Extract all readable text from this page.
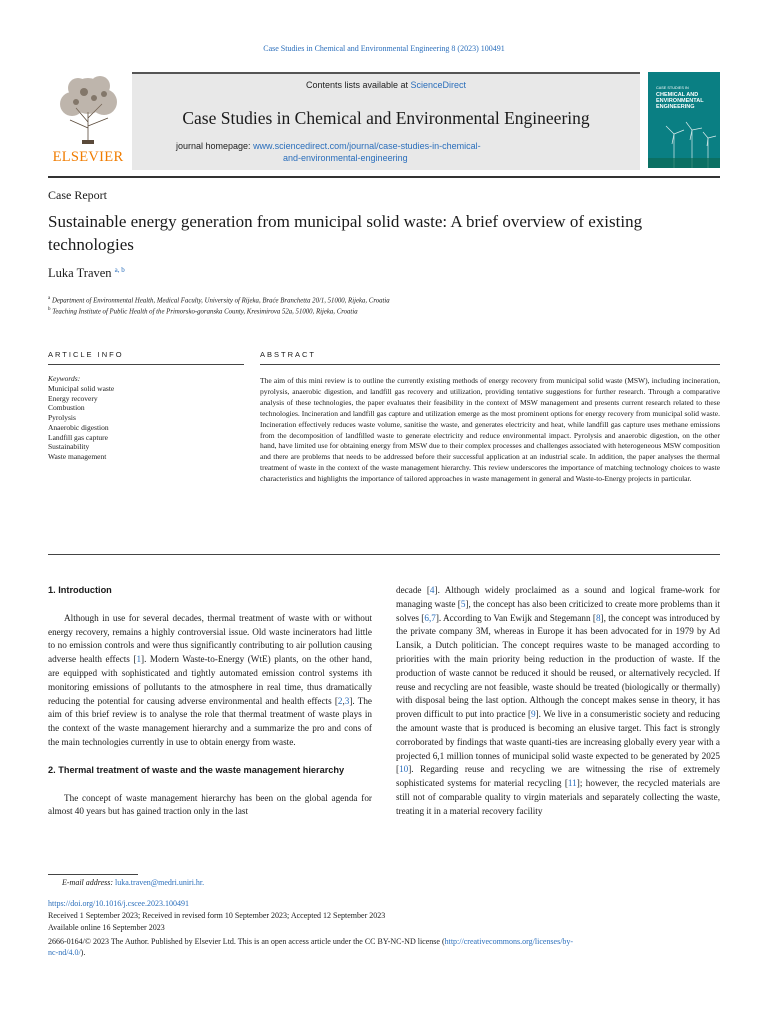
Case Studies in Chemical and Environmental Engineering 8 (2023) 100491
ELSEVIER
Contents lists available at ScienceDirect
Case Studies in Chemical and Environmental Engineering
journal homepage: www.sciencedirect.com/journal/case-studies-in-chemical-
and-environmental-engineering
CASE STUDIES IN
CHEMICAL AND ENVIRONMENTAL ENGINEERING
Case Report
Sustainable energy generation from municipal solid waste: A brief overview of existing technologies
Luka Traven $^{a, b}$
$^a$ Department of Environmental Health, Medical Faculty, University of Rijeka, Braće Branchetta 20/1, 51000, Rijeka, Croatia
$^b$ Teaching Institute of Public Health of the Primorsko-goranska County, Kresimirova 52a, 51000, Rijeka, Croatia
ARTICLE INFO
Keywords:
Municipal solid waste
Energy recovery
Combustion
Pyrolysis
Anaerobic digestion
Landfill gas capture
Sustainability
Waste management
ABSTRACT
The aim of this mini review is to outline the currently existing methods of energy recovery from municipal solid waste (MSW), including incineration, pyrolysis, anaerobic digestion, and landfill gas recovery and utilization, providing tentative suggestions for further research. Through a comparative analysis of these technologies, the paper evaluates their feasibility in the context of MSW management and presents current research related to these technologies. Incineration and landfill gas capture and utilization emerge as the most prominent options for energy recovery from municipal solid waste. Incineration effectively reduces waste volume, sanitise the waste, and generates electricity and heat, while landfill gas capture uses methane emissions from the decomposition of landfilled waste to generate electricity and reduce environmental impact. Pyrolysis and anaerobic digestion, on the other hand, have limited use for obtaining energy from MSW due to their complex processes and challenges associated with heterogeneous MSW composition and there are problems that needs to be addressed before their successful application at an industrial scale. In addition, the paper analyses the thermal treatment of waste in the context of the waste management hierarchy. This review underscores the importance of matching technology choices to waste characteristics and highlights the importance of tailored approaches in waste management in general and Waste-to-Energy projects in particular.

1. Introduction

Although in use for several decades, thermal treatment of waste with or without energy recovery, remains a highly controversial issue. Old waste incinerators had little to no emission controls and were thus significantly contributing to air pollution causing adverse health effects [1]. Modern Waste-to-Energy (WtE) plants, on the other hand, are equipped with sophisticated and tightly automated emission control systems ith monitoring emissions of pollutants to the atmosphere in real time, thus dramatically reducing the potential for causing adverse environmental and health effects [2,3]. The aim of this brief review is to analyse the role that thermal treatment of waste plays in the context of the waste management hierarchy and a summarize the pro and cons of the main technologies currently in use to obtain energy from waste.

2. Thermal treatment of waste and the waste management hierarchy

The concept of waste management hierarchy has been on the global agenda for almost 40 years but has gained traction only in the last

decade [4]. Although widely proclaimed as a sound and logical frame-work for managing waste [5], the concept has also been criticized to create more problems than it solves [6,7]. According to Van Ewijk and Stegemann [8], the concept was introduced by the private company 3M, whereas in Europe it has been advocated for in 1979 by Ad Lansik, a Dutch politician. The concept requires waste to be managed according to priorities with the main priority being reduction in the production of waste. If the production of waste cannot be reduced it should be reused, or alternatively recycled. If reuse and recycling are not feasible, waste should be treated (biologically or thermally) with disposal being the last option. Although the concept makes sense in theory, it has proven difficult to put into practice [9]. We live in a consumeristic society and reducing the amount waste that is produced is becoming an elusive target. This fact is strongly corroborated by findings that waste quanti-ties are increasing globally every year with a projected 6,1 million tonnes of municipal solid waste expected to be generated by 2025 [10]. Regarding reuse and recycling we are witnessing the rise of extremely sophisticated systems for material recycling [11]; however, the recycled materials are still not of comparable quality to virgin materials and separately collecting the waste, treating it in a material recovery facility

E-mail address: luka.traven@medri.uniri.hr.
https://doi.org/10.1016/j.cscee.2023.100491
Received 1 September 2023; Received in revised form 10 September 2023; Accepted 12 September 2023
Available online 16 September 2023
2666-0164/© 2023 The Author. Published by Elsevier Ltd. This is an open access article under the CC BY-NC-ND license (http://creativecommons.org/licenses/by-
nc-nd/4.0/).
